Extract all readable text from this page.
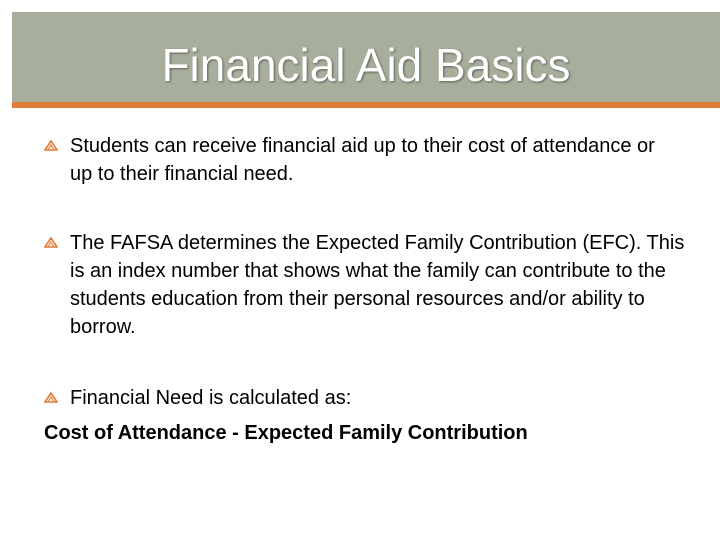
Financial Aid Basics
Students can receive financial aid up to their cost of attendance or up to their financial need.
The FAFSA determines the Expected Family Contribution (EFC). This is an index number that shows what the family can contribute to the students education from their personal resources and/or ability to borrow.
Financial Need is calculated as:
Cost of Attendance - Expected Family Contribution
